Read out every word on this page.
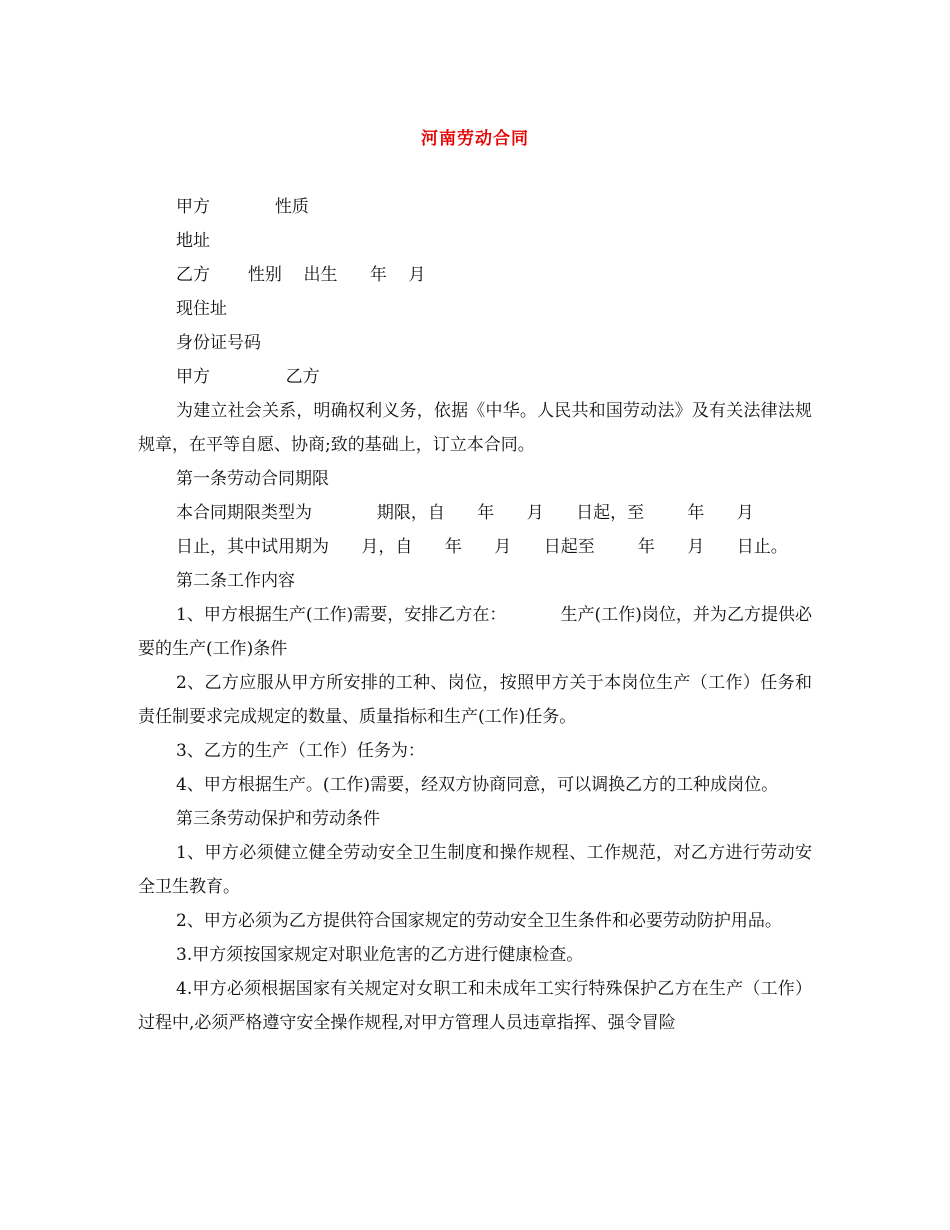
河南劳动合同

甲方            性质

地址

乙方       性别    出生      年    月

现住址

身份证号码

甲方              乙方

为建立社会关系，明确权利义务，依据《中华。人民共和国劳动法》及有关法律法规规章，在平等自愿、协商;致的基础上，订立本合同。

第一条劳动合同期限

本合同期限类型为            期限，自      年      月      日起，至        年      月

日止，其中试用期为      月，自      年      月      日起至        年      月      日止。

第二条工作内容

1、甲方根据生产(工作)需要，安排乙方在：          生产(工作)岗位，并为乙方提供必要的生产(工作)条件

2、乙方应服从甲方所安排的工种、岗位，按照甲方关于本岗位生产（工作）任务和责任制要求完成规定的数量、质量指标和生产(工作)任务。

3、乙方的生产（工作）任务为：

4、甲方根据生产。(工作)需要，经双方协商同意，可以调换乙方的工种成岗位。

第三条劳动保护和劳动条件

1、甲方必须健立健全劳动安全卫生制度和操作规程、工作规范，对乙方进行劳动安全卫生教育。

2、甲方必须为乙方提供符合国家规定的劳动安全卫生条件和必要劳动防护用品。

3.甲方须按国家规定对职业危害的乙方进行健康检查。

4.甲方必须根据国家有关规定对女职工和未成年工实行特殊保护乙方在生产（工作）过程中,必须严格遵守安全操作规程,对甲方管理人员违章指挥、强令冒险
